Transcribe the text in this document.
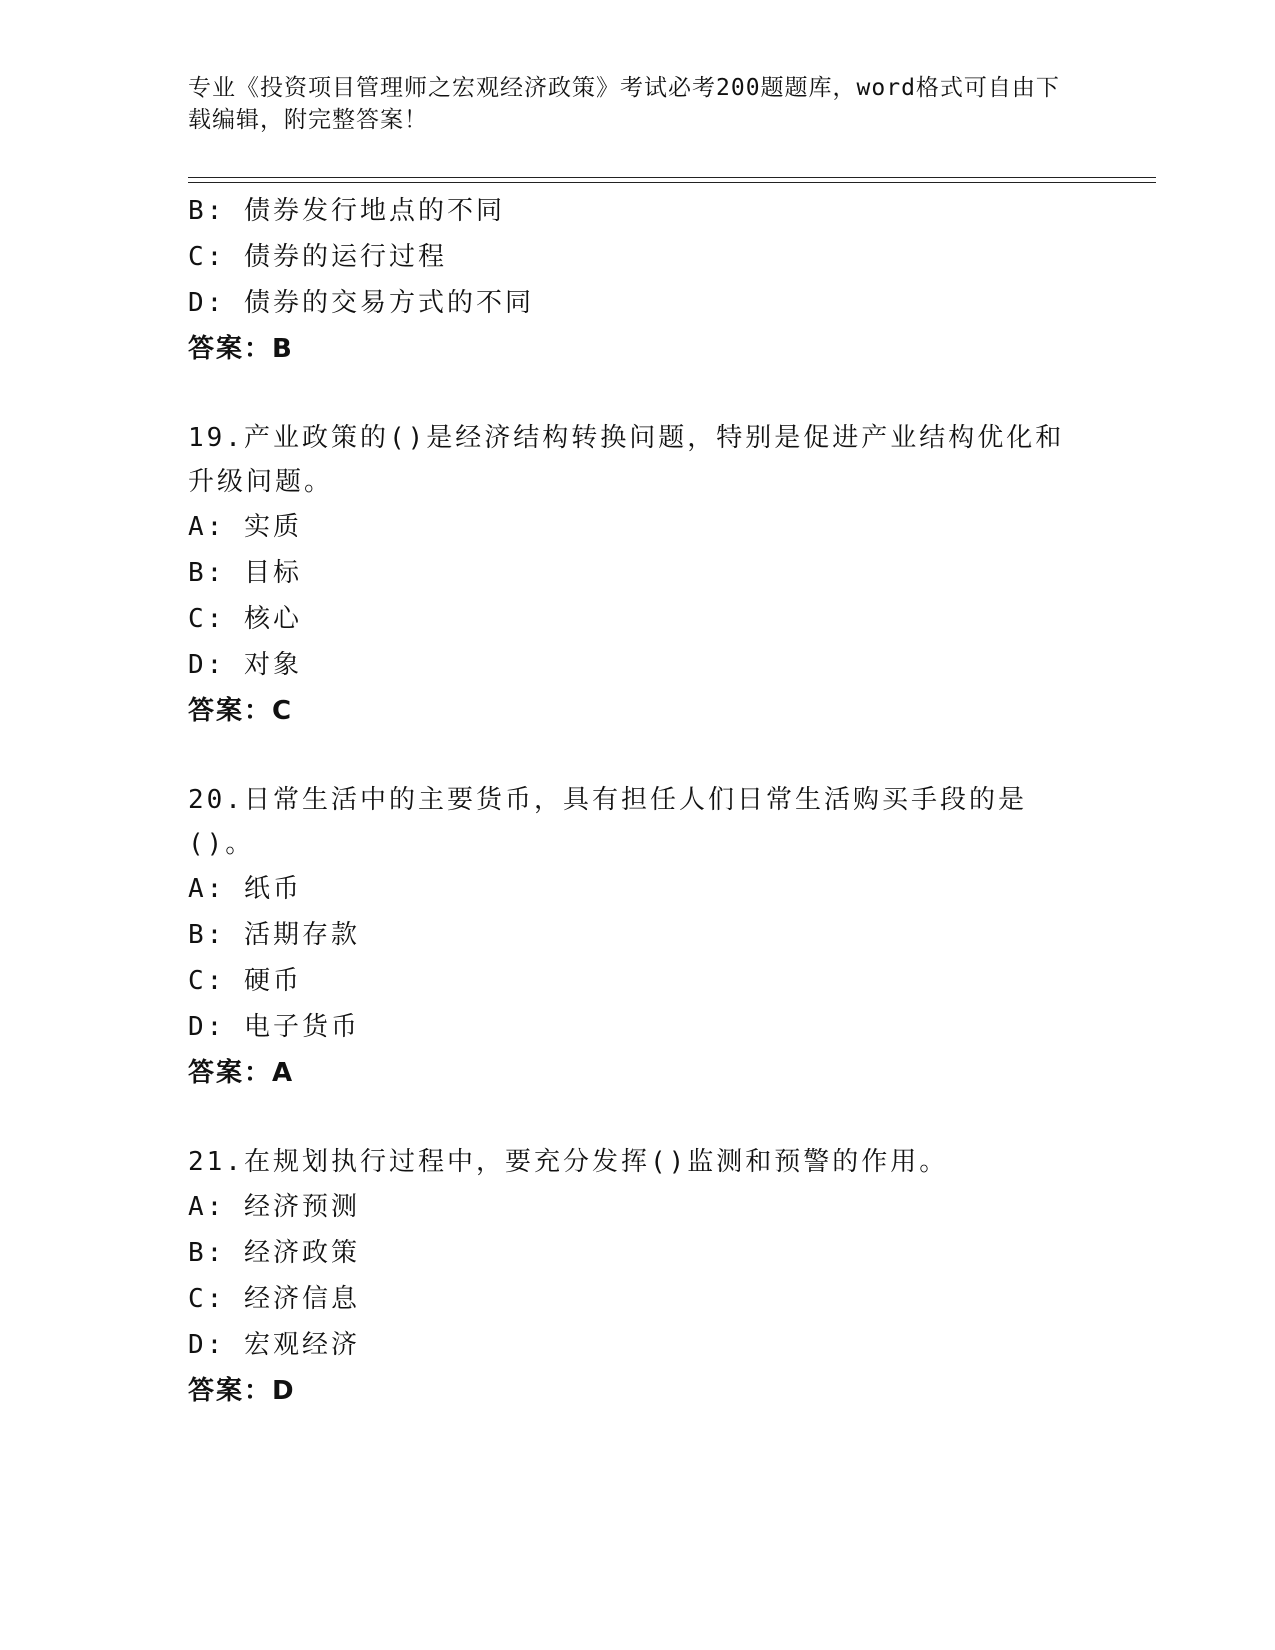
专业《投资项目管理师之宏观经济政策》考试必考200题题库，word格式可自由下载编辑，附完整答案！
B: 债券发行地点的不同
C: 债券的运行过程
D: 债券的交易方式的不同
答案：B
19.产业政策的()是经济结构转换问题，特别是促进产业结构优化和升级问题。
A: 实质
B: 目标
C: 核心
D: 对象
答案：C
20.日常生活中的主要货币，具有担任人们日常生活购买手段的是()。
A: 纸币
B: 活期存款
C: 硬币
D: 电子货币
答案：A
21.在规划执行过程中，要充分发挥()监测和预警的作用。
A: 经济预测
B: 经济政策
C: 经济信息
D: 宏观经济
答案：D
